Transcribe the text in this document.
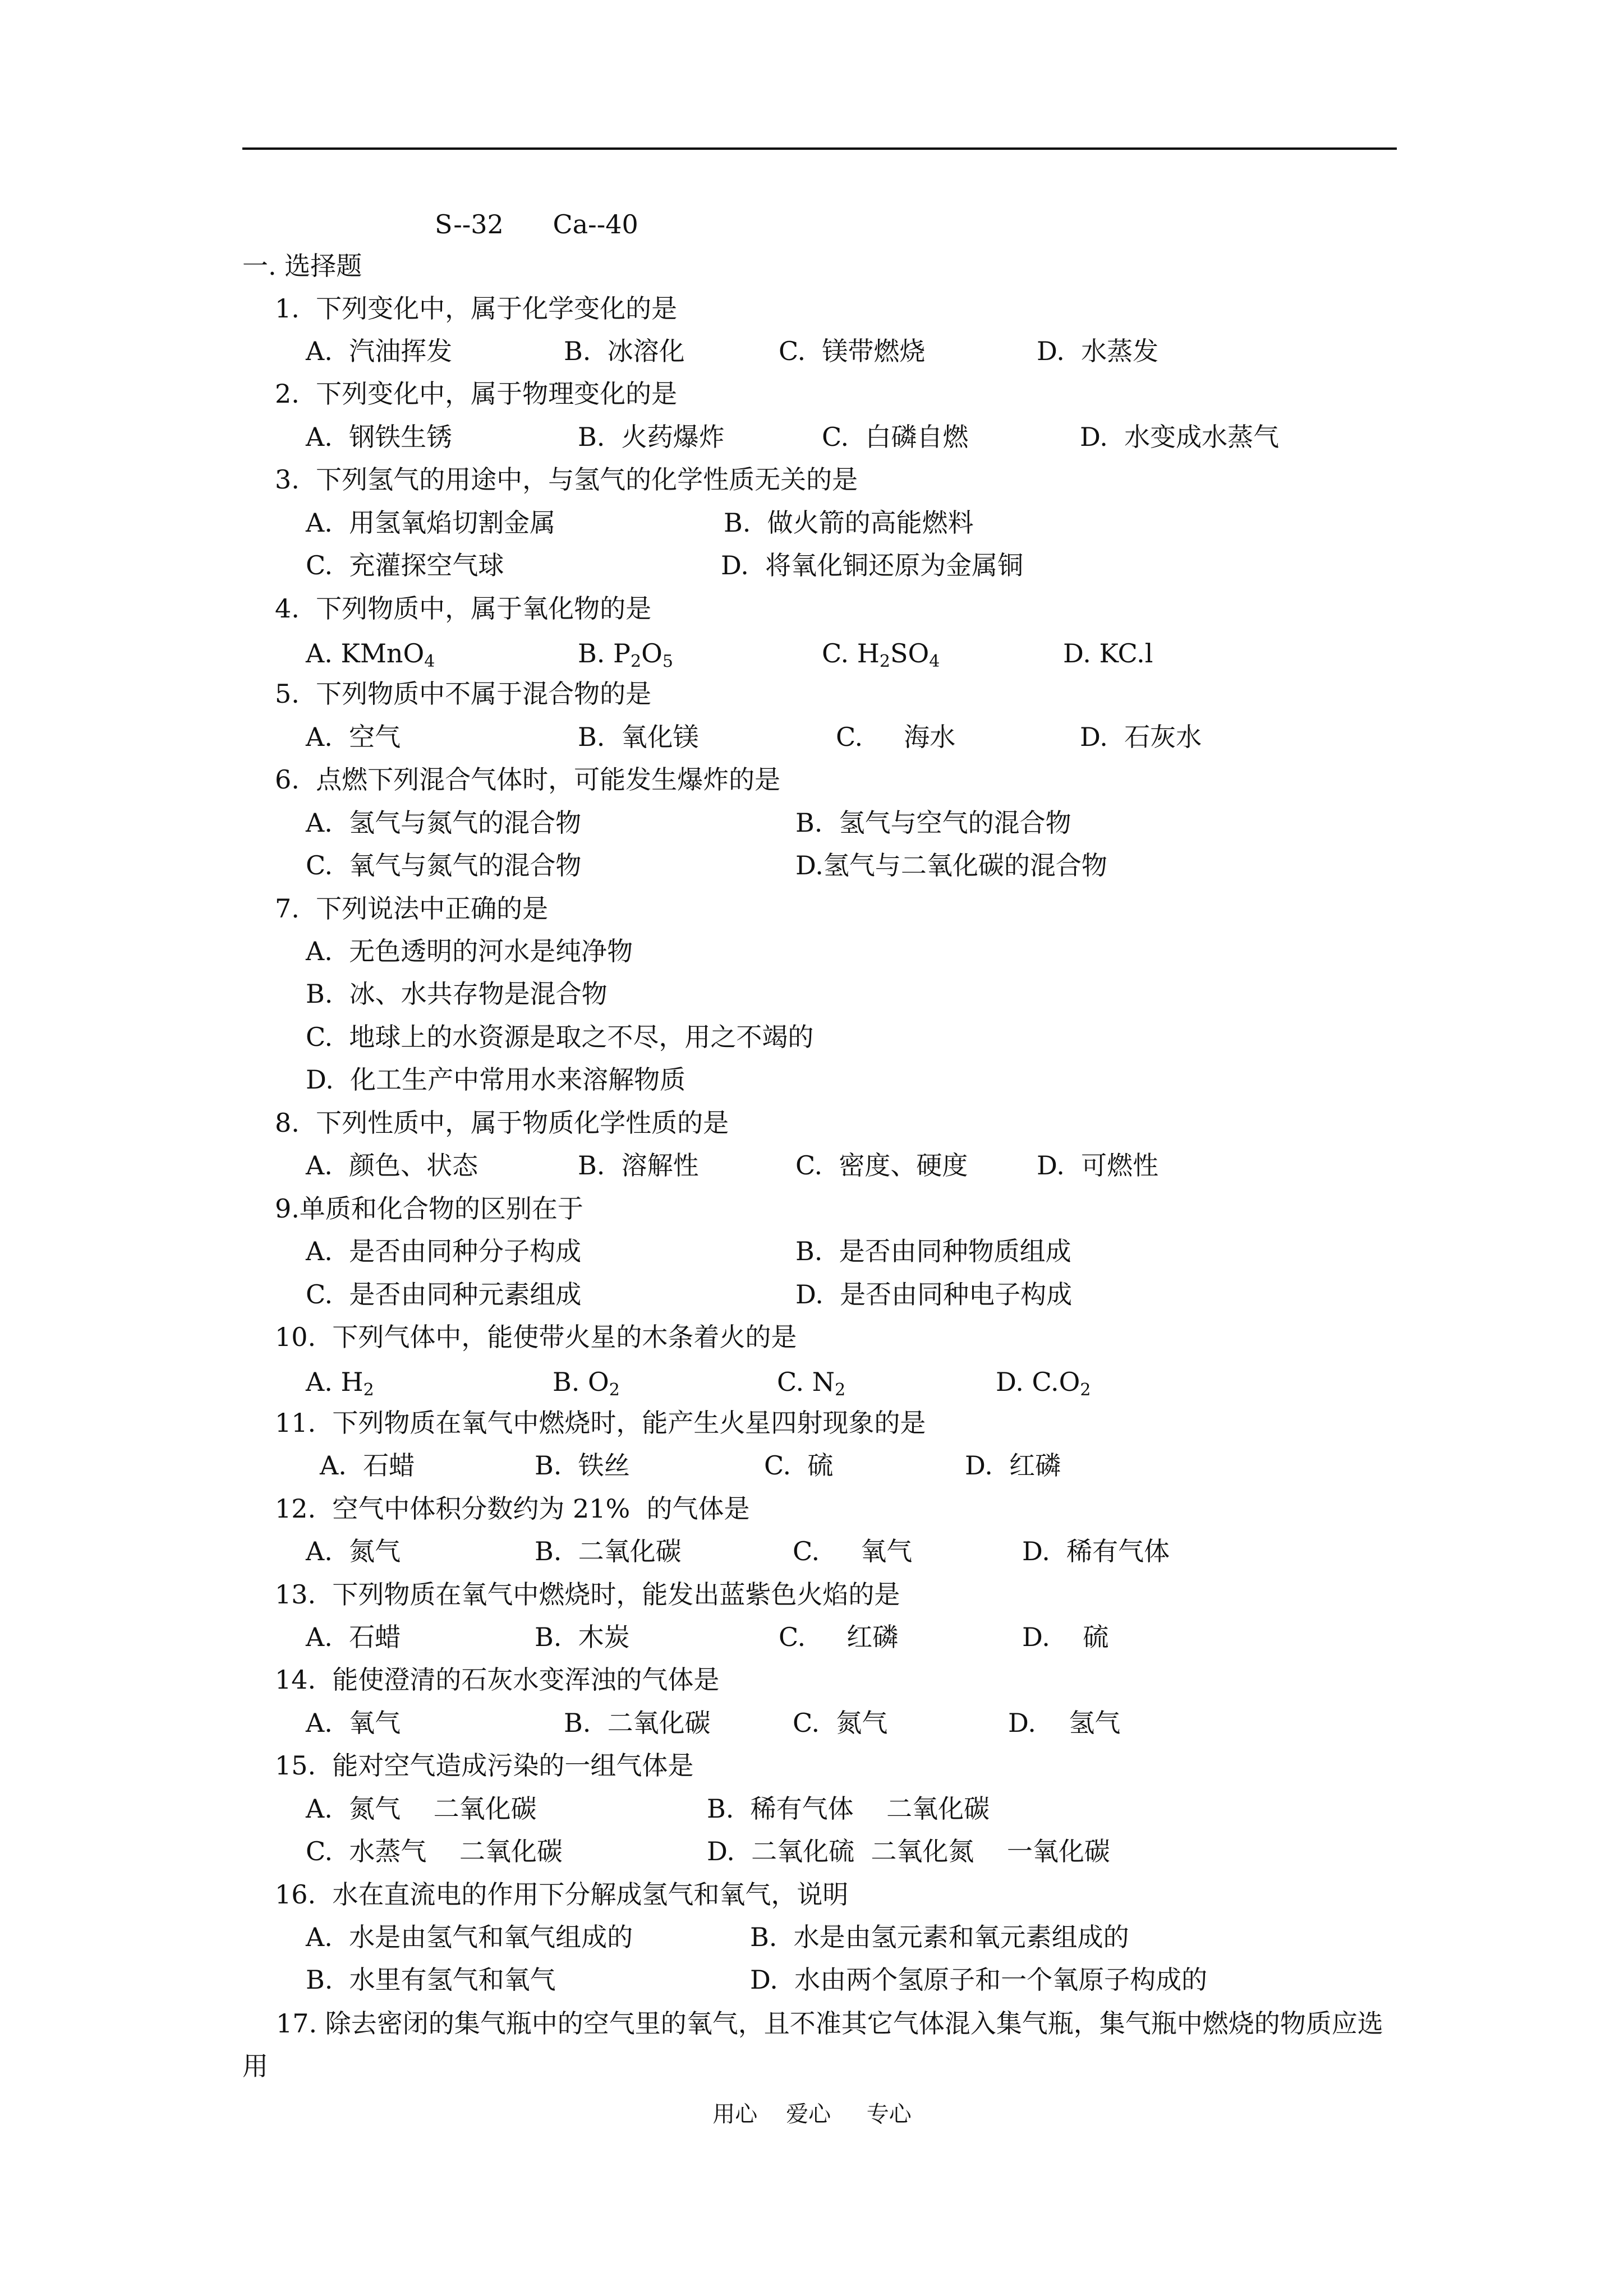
S--32      Ca--40
一. 选择题
1.  下列变化中，属于化学变化的是
A.  汽油挥发	B.  冰溶化	C.  镁带燃烧	D.  水蒸发
2.  下列变化中，属于物理变化的是
A.  钢铁生锈	B.  火药爆炸	C.  白磷自燃	D.  水变成水蒸气
3.  下列氢气的用途中，与氢气的化学性质无关的是
A.  用氢氧焰切割金属	B.  做火箭的高能燃料
C.  充灌探空气球	D.  将氧化铜还原为金属铜
4.  下列物质中，属于氧化物的是
A. KMnO$_4$	B. $P_2O_5$	C. $H_2SO_4$	D. KC.l
5.  下列物质中不属于混合物的是
A.  空气	B.  氧化镁	C.     海水	D.  石灰水
6.  点燃下列混合气体时，可能发生爆炸的是
A.  氢气与氮气的混合物	B.  氢气与空气的混合物
C.  氧气与氮气的混合物	D.氢气与二氧化碳的混合物
7.  下列说法中正确的是
A.  无色透明的河水是纯净物
B.  冰、水共存物是混合物
C.  地球上的水资源是取之不尽，用之不竭的
D.  化工生产中常用水来溶解物质
8.  下列性质中，属于物质化学性质的是
A.  颜色、状态	B.  溶解性	C.  密度、硬度	D.  可燃性
9.单质和化合物的区别在于
A.  是否由同种分子构成	B.  是否由同种物质组成
C.  是否由同种元素组成	D.  是否由同种电子构成
10.  下列气体中，能使带火星的木条着火的是
A. $H_2$	B. $O_2$	C. $N_2$	D. $C.O_2$
11.  下列物质在氧气中燃烧时，能产生火星四射现象的是
A.  石蜡	B.  铁丝	C.  硫	D.  红磷
12.  空气中体积分数约为 21%  的气体是
A.  氮气	B.  二氧化碳	C.     氧气	D.  稀有气体
13.  下列物质在氧气中燃烧时，能发出蓝紫色火焰的是
A.  石蜡	B.  木炭	C.     红磷	D.    硫
14.  能使澄清的石灰水变浑浊的气体是
A.  氧气	B.  二氧化碳	C.  氮气	D.    氢气
15.  能对空气造成污染的一组气体是
A.  氮气    二氧化碳	B.  稀有气体    二氧化碳
C.  水蒸气    二氧化碳	D.  二氧化硫  二氧化氮    一氧化碳
16.  水在直流电的作用下分解成氢气和氧气，说明
A.  水是由氢气和氧气组成的	B.  水是由氢元素和氧元素组成的
B.  水里有氢气和氧气	D.  水由两个氢原子和一个氧原子构成的
17. 除去密闭的集气瓶中的空气里的氧气，且不准其它气体混入集气瓶，集气瓶中燃烧的物质应选用
用心    爱心     专心
